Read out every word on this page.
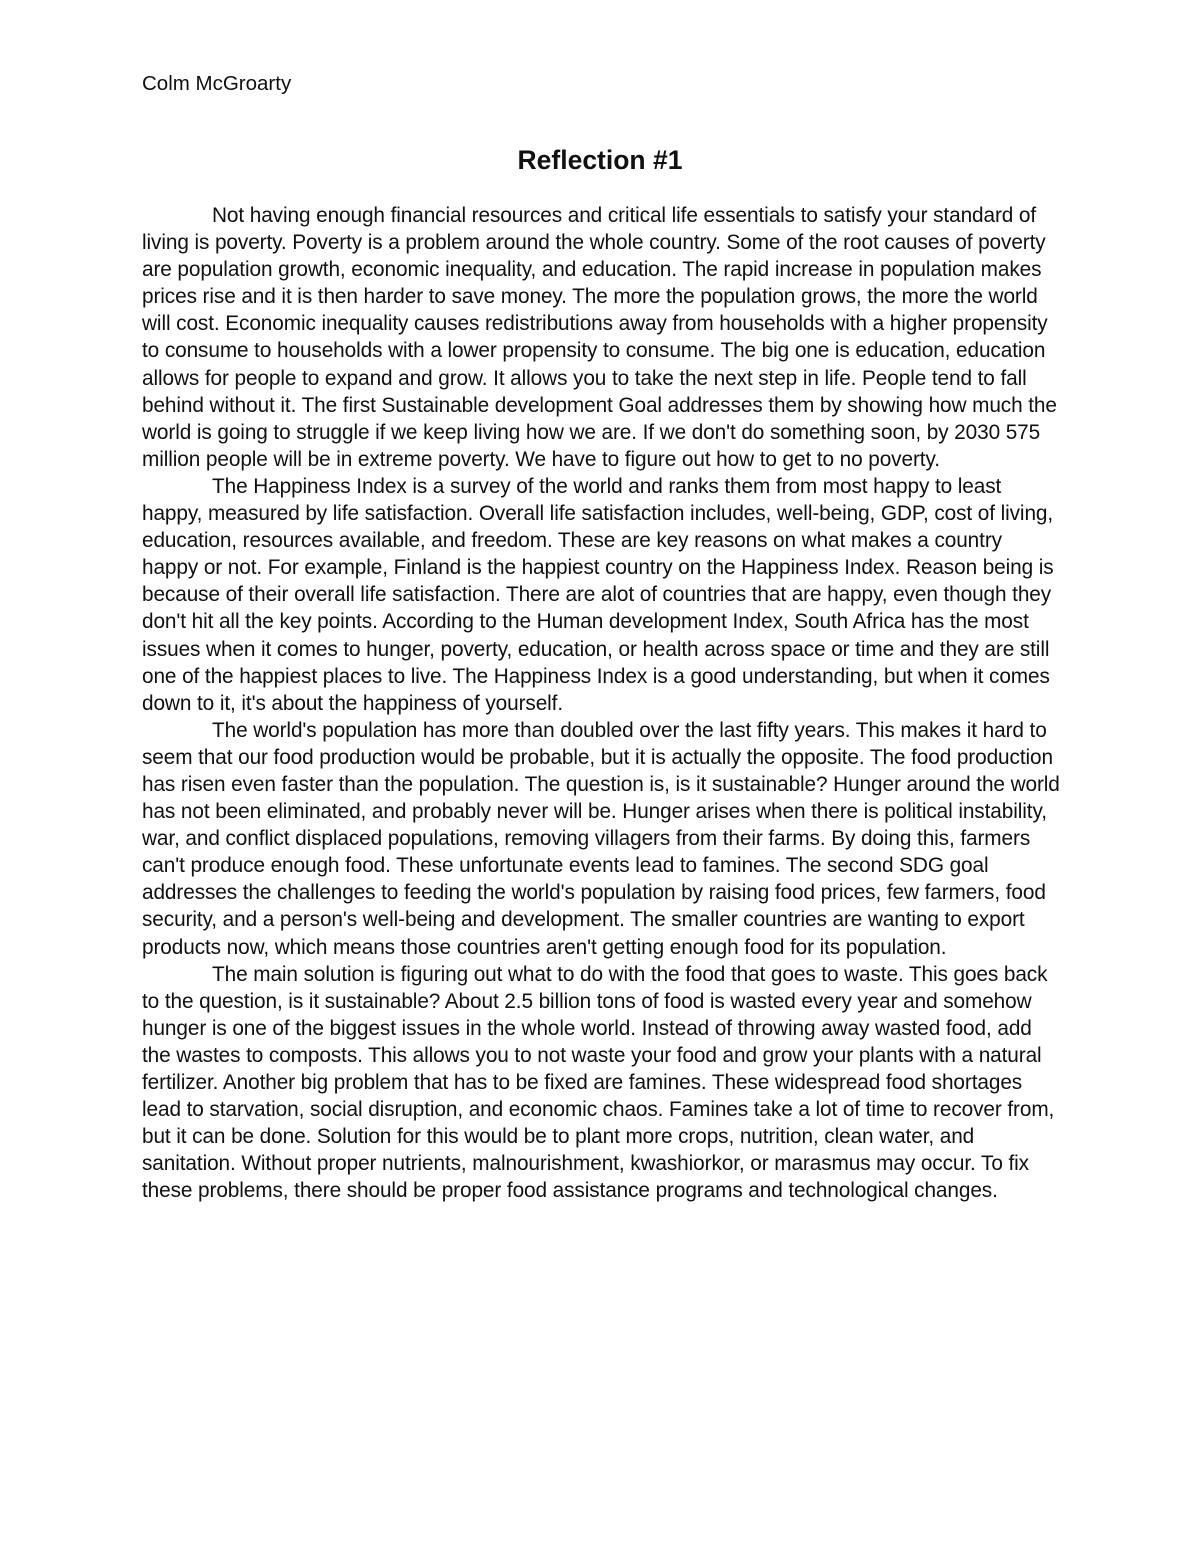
Colm McGroarty
Reflection #1

Not having enough financial resources and critical life essentials to satisfy your standard of living is poverty. Poverty is a problem around the whole country. Some of the root causes of poverty are population growth, economic inequality, and education. The rapid increase in population makes prices rise and it is then harder to save money. The more the population grows, the more the world will cost. Economic inequality causes redistributions away from households with a higher propensity to consume to households with a lower propensity to consume. The big one is education, education allows for people to expand and grow. It allows you to take the next step in life. People tend to fall behind without it. The first Sustainable development Goal addresses them by showing how much the world is going to struggle if we keep living how we are. If we don't do something soon, by 2030 575 million people will be in extreme poverty. We have to figure out how to get to no poverty.

The Happiness Index is a survey of the world and ranks them from most happy to least happy, measured by life satisfaction. Overall life satisfaction includes, well-being, GDP, cost of living, education, resources available, and freedom. These are key reasons on what makes a country happy or not. For example, Finland is the happiest country on the Happiness Index. Reason being is because of their overall life satisfaction. There are alot of countries that are happy, even though they don't hit all the key points. According to the Human development Index, South Africa has the most issues when it comes to hunger, poverty, education, or health across space or time and they are still one of the happiest places to live. The Happiness Index is a good understanding, but when it comes down to it, it's about the happiness of yourself.

The world's population has more than doubled over the last fifty years. This makes it hard to seem that our food production would be probable, but it is actually the opposite. The food production has risen even faster than the population. The question is, is it sustainable? Hunger around the world has not been eliminated, and probably never will be. Hunger arises when there is political instability, war, and conflict displaced populations, removing villagers from their farms. By doing this, farmers can't produce enough food. These unfortunate events lead to famines. The second SDG goal addresses the challenges to feeding the world's population by raising food prices, few farmers, food security, and a person's well-being and development. The smaller countries are wanting to export products now, which means those countries aren't getting enough food for its population.

The main solution is figuring out what to do with the food that goes to waste. This goes back to the question, is it sustainable? About 2.5 billion tons of food is wasted every year and somehow hunger is one of the biggest issues in the whole world. Instead of throwing away wasted food, add the wastes to composts. This allows you to not waste your food and grow your plants with a natural fertilizer. Another big problem that has to be fixed are famines. These widespread food shortages lead to starvation, social disruption, and economic chaos. Famines take a lot of time to recover from, but it can be done. Solution for this would be to plant more crops, nutrition, clean water, and sanitation. Without proper nutrients, malnourishment, kwashiorkor, or marasmus may occur. To fix these problems, there should be proper food assistance programs and technological changes.
